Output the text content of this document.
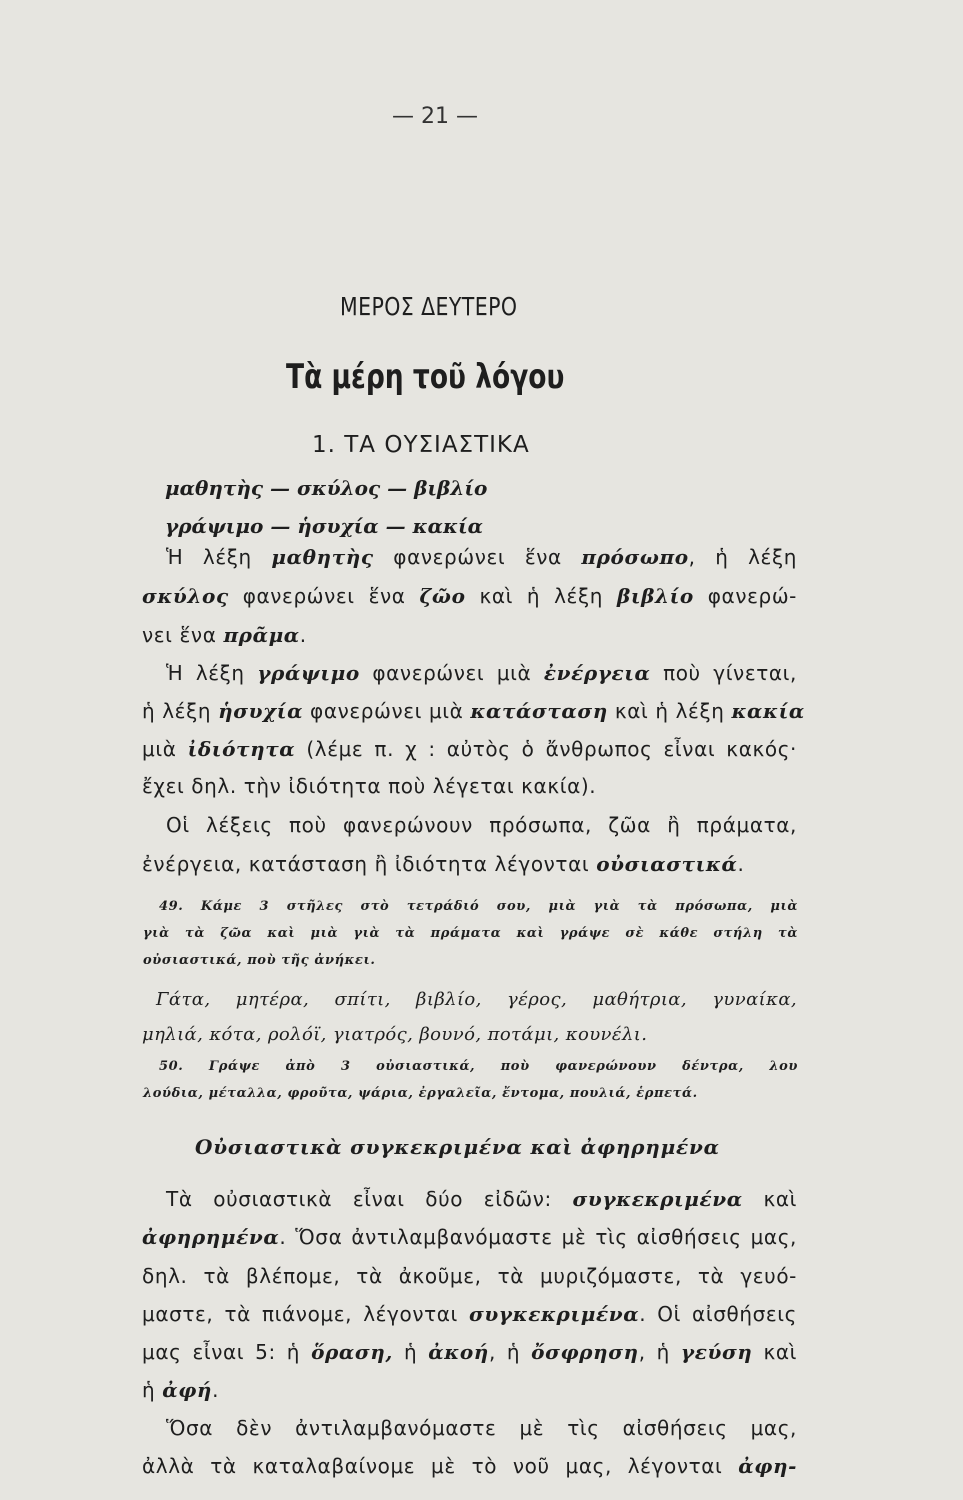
— 21 —
ΜΕΡΟΣ ΔΕΥΤΕΡΟ
Τὰ μέρη τοῦ λόγου
1. ΤΑ ΟΥΣΙΑΣΤΙΚΑ
μαθητὴς — σκύλος — βιβλίο
γράψιμο — ἡσυχία — κακία
Ἡ λέξη μαθητὴς φανερώνει ἕνα πρόσωπο, ἡ λέξη
σκύλος φανερώνει ἕνα ζῶο καὶ ἡ λέξη βιβλίο φανερώ-
νει ἕνα πρᾶμα.
Ἡ λέξη γράψιμο φανερώνει μιὰ ἐνέργεια ποὺ γίνεται,
ἡ λέξη ἡσυχία φανερώνει μιὰ κατάσταση καὶ ἡ λέξη κακία
μιὰ ἰδιότητα (λέμε π. χ : αὐτὸς ὁ ἄνθρωπος εἶναι κακός·
ἔχει δηλ. τὴν ἰδιότητα ποὺ λέγεται κακία).
Οἱ λέξεις ποὺ φανερώνουν πρόσωπα, ζῶα ἢ πράματα,
ἐνέργεια, κατάσταση ἢ ἰδιότητα λέγονται οὐσιαστικά.
49. Κάμε 3 στῆλες στὸ τετράδιό σου, μιὰ γιὰ τὰ πρόσωπα, μιὰ
γιὰ τὰ ζῶα καὶ μιὰ γιὰ τὰ πράματα καὶ γράψε σὲ κάθε στήλη τὰ
οὐσιαστικά, ποὺ τῆς ἀνήκει.
Γάτα, μητέρα, σπίτι, βιβλίο, γέρος, μαθήτρια, γυναίκα,
μηλιά, κότα, ρολόϊ, γιατρός, βουνό, ποτάμι, κουνέλι.
50. Γράψε ἀπὸ 3 οὐσιαστικά, ποὺ φανερώνουν δέντρα, λου
λούδια, μέταλλα, φροῦτα, ψάρια, ἐργαλεῖα, ἔντομα, πουλιά, ἑρπετά.
Οὐσιαστικὰ συγκεκριμένα καὶ ἀφηρημένα
Τὰ οὐσιαστικὰ εἶναι δύο εἰδῶν: συγκεκριμένα καὶ
ἀφηρημένα. Ὅσα ἀντιλαμβανόμαστε μὲ τὶς αἰσθήσεις μας,
δηλ. τὰ βλέπομε, τὰ ἀκοῦμε, τὰ μυριζόμαστε, τὰ γευό-
μαστε, τὰ πιάνομε, λέγονται συγκεκριμένα. Οἱ αἰσθήσεις
μας εἶναι 5: ἡ ὅραση, ἡ ἀκοή, ἡ ὄσφρηση, ἡ γεύση καὶ
ἡ ἀφή.
Ὅσα δὲν ἀντιλαμβανόμαστε μὲ τὶς αἰσθήσεις μας,
ἀλλὰ τὰ καταλαβαίνομε μὲ τὸ νοῦ μας, λέγονται ἀφη-
